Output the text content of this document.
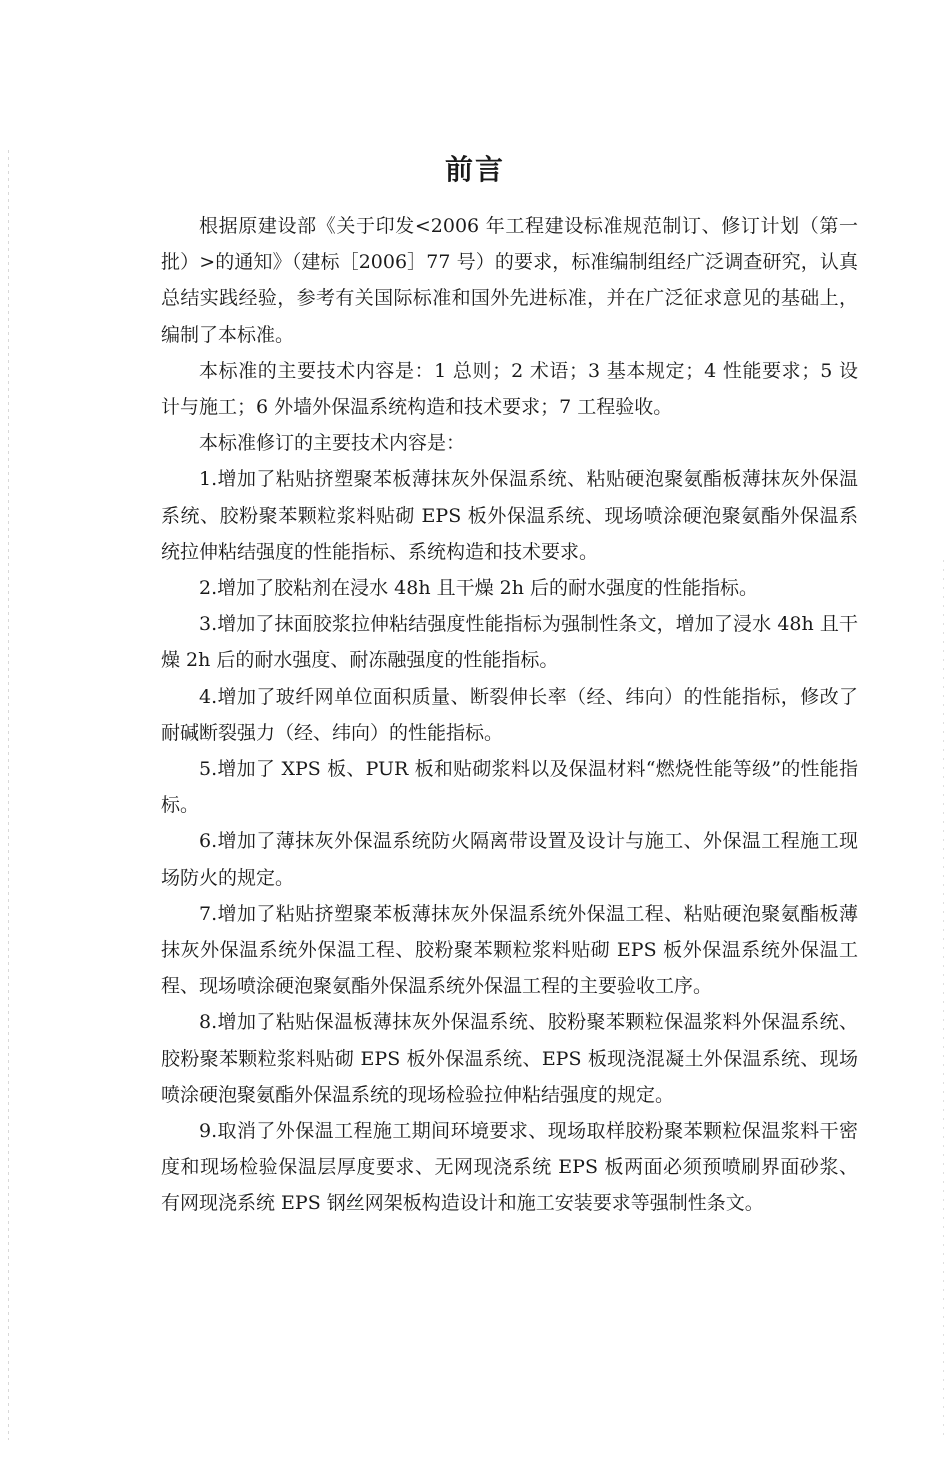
前言

根据原建设部《关于印发<2006 年工程建设标准规范制订、修订计划（第一批）>的通知》（建标［2006］77 号）的要求，标准编制组经广泛调查研究，认真总结实践经验，参考有关国际标准和国外先进标准，并在广泛征求意见的基础上，编制了本标准。

本标准的主要技术内容是：1 总则；2 术语；3 基本规定；4 性能要求；5 设计与施工；6 外墙外保温系统构造和技术要求；7 工程验收。

本标准修订的主要技术内容是：

1.增加了粘贴挤塑聚苯板薄抹灰外保温系统、粘贴硬泡聚氨酯板薄抹灰外保温系统、胶粉聚苯颗粒浆料贴砌 EPS 板外保温系统、现场喷涂硬泡聚氨酯外保温系统拉伸粘结强度的性能指标、系统构造和技术要求。

2.增加了胶粘剂在浸水 48h 且干燥 2h 后的耐水强度的性能指标。

3.增加了抹面胶浆拉伸粘结强度性能指标为强制性条文，增加了浸水 48h 且干燥 2h 后的耐水强度、耐冻融强度的性能指标。

4.增加了玻纤网单位面积质量、断裂伸长率（经、纬向）的性能指标，修改了耐碱断裂强力（经、纬向）的性能指标。

5.增加了 XPS 板、PUR 板和贴砌浆料以及保温材料“燃烧性能等级”的性能指标。

6.增加了薄抹灰外保温系统防火隔离带设置及设计与施工、外保温工程施工现场防火的规定。

7.增加了粘贴挤塑聚苯板薄抹灰外保温系统外保温工程、粘贴硬泡聚氨酯板薄抹灰外保温系统外保温工程、胶粉聚苯颗粒浆料贴砌 EPS 板外保温系统外保温工程、现场喷涂硬泡聚氨酯外保温系统外保温工程的主要验收工序。

8.增加了粘贴保温板薄抹灰外保温系统、胶粉聚苯颗粒保温浆料外保温系统、胶粉聚苯颗粒浆料贴砌 EPS 板外保温系统、EPS 板现浇混凝土外保温系统、现场喷涂硬泡聚氨酯外保温系统的现场检验拉伸粘结强度的规定。

9.取消了外保温工程施工期间环境要求、现场取样胶粉聚苯颗粒保温浆料干密度和现场检验保温层厚度要求、无网现浇系统 EPS 板两面必须预喷刷界面砂浆、有网现浇系统 EPS 钢丝网架板构造设计和施工安装要求等强制性条文。
